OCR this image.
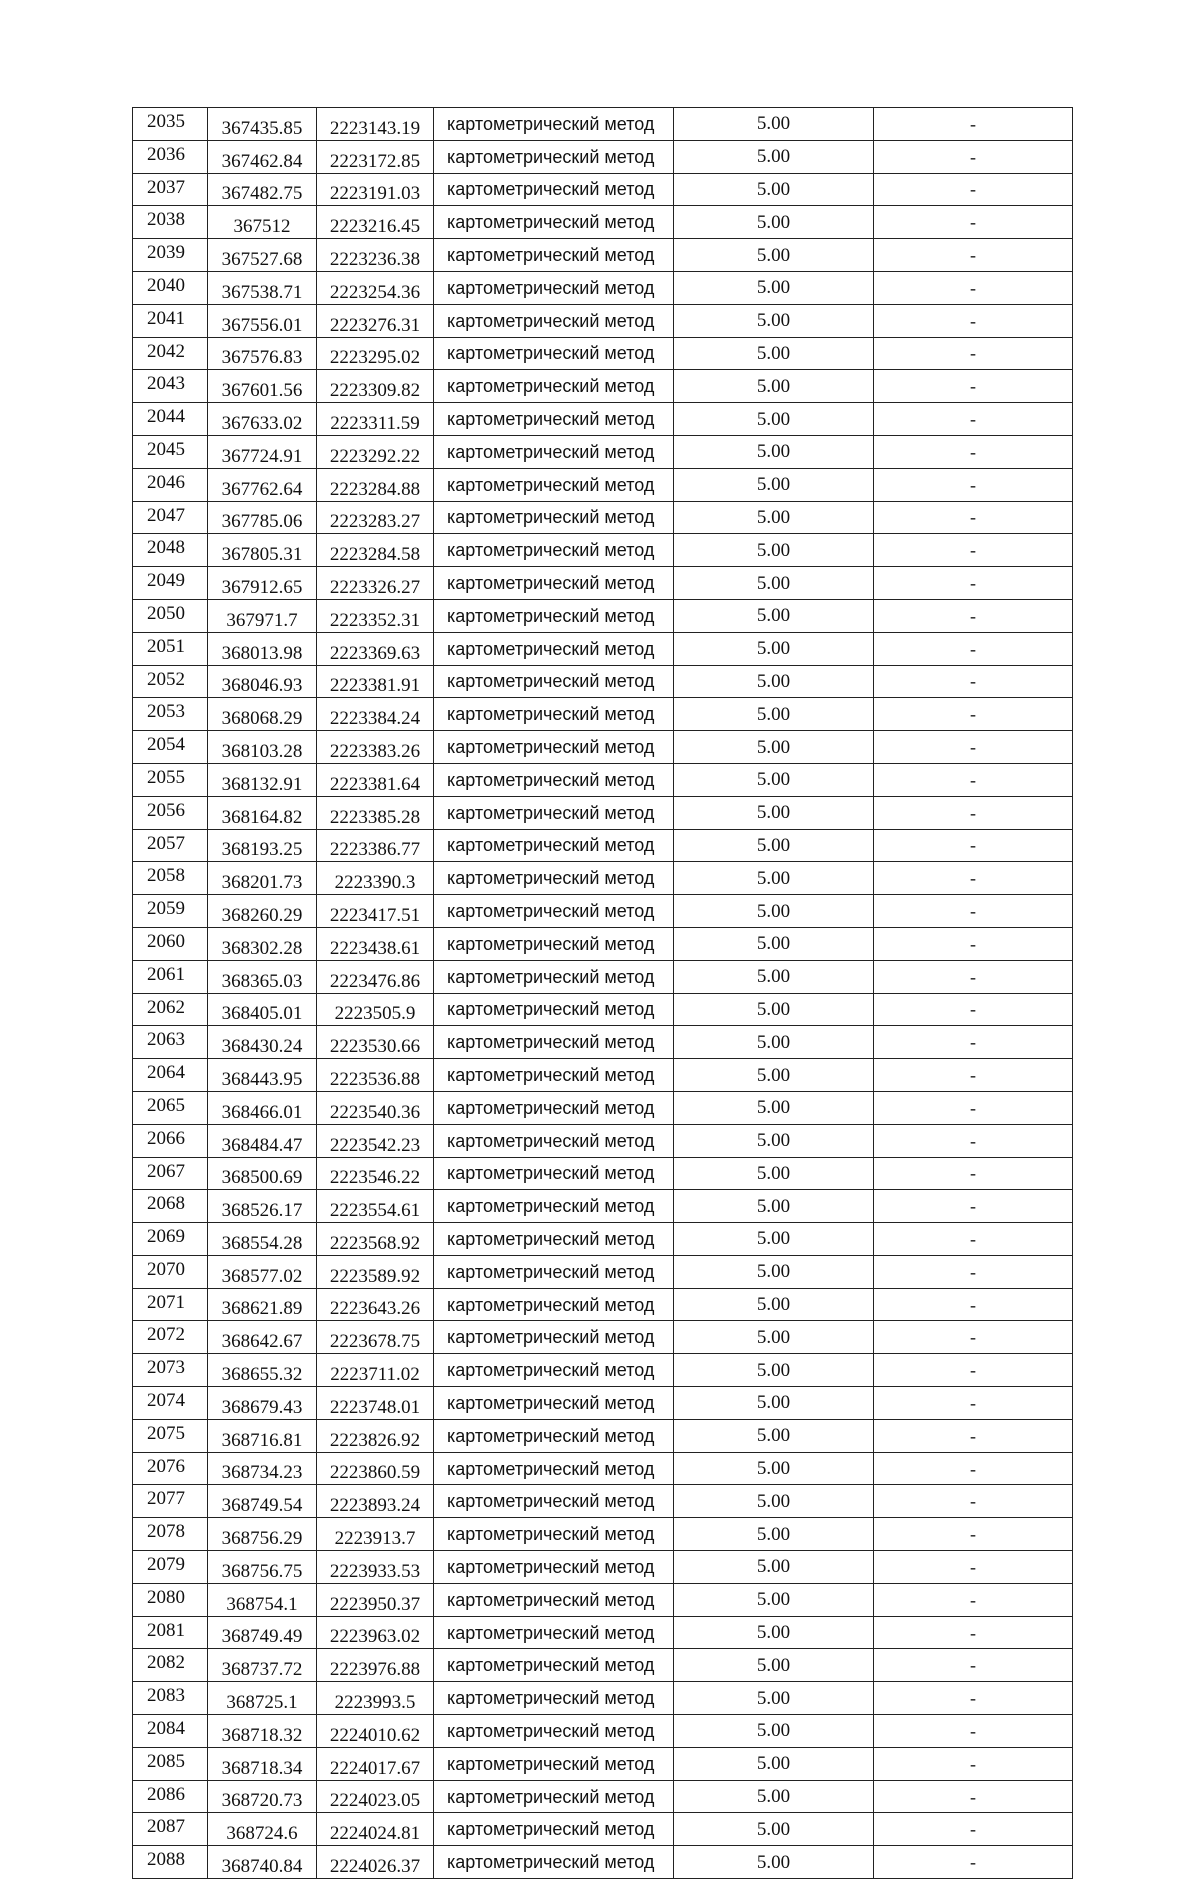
2035	367435.85	2223143.19	картометрический метод	5.00	-
2036	367462.84	2223172.85	картометрический метод	5.00	-
2037	367482.75	2223191.03	картометрический метод	5.00	-
2038	367512	2223216.45	картометрический метод	5.00	-
2039	367527.68	2223236.38	картометрический метод	5.00	-
2040	367538.71	2223254.36	картометрический метод	5.00	-
2041	367556.01	2223276.31	картометрический метод	5.00	-
2042	367576.83	2223295.02	картометрический метод	5.00	-
2043	367601.56	2223309.82	картометрический метод	5.00	-
2044	367633.02	2223311.59	картометрический метод	5.00	-
2045	367724.91	2223292.22	картометрический метод	5.00	-
2046	367762.64	2223284.88	картометрический метод	5.00	-
2047	367785.06	2223283.27	картометрический метод	5.00	-
2048	367805.31	2223284.58	картометрический метод	5.00	-
2049	367912.65	2223326.27	картометрический метод	5.00	-
2050	367971.7	2223352.31	картометрический метод	5.00	-
2051	368013.98	2223369.63	картометрический метод	5.00	-
2052	368046.93	2223381.91	картометрический метод	5.00	-
2053	368068.29	2223384.24	картометрический метод	5.00	-
2054	368103.28	2223383.26	картометрический метод	5.00	-
2055	368132.91	2223381.64	картометрический метод	5.00	-
2056	368164.82	2223385.28	картометрический метод	5.00	-
2057	368193.25	2223386.77	картометрический метод	5.00	-
2058	368201.73	2223390.3	картометрический метод	5.00	-
2059	368260.29	2223417.51	картометрический метод	5.00	-
2060	368302.28	2223438.61	картометрический метод	5.00	-
2061	368365.03	2223476.86	картометрический метод	5.00	-
2062	368405.01	2223505.9	картометрический метод	5.00	-
2063	368430.24	2223530.66	картометрический метод	5.00	-
2064	368443.95	2223536.88	картометрический метод	5.00	-
2065	368466.01	2223540.36	картометрический метод	5.00	-
2066	368484.47	2223542.23	картометрический метод	5.00	-
2067	368500.69	2223546.22	картометрический метод	5.00	-
2068	368526.17	2223554.61	картометрический метод	5.00	-
2069	368554.28	2223568.92	картометрический метод	5.00	-
2070	368577.02	2223589.92	картометрический метод	5.00	-
2071	368621.89	2223643.26	картометрический метод	5.00	-
2072	368642.67	2223678.75	картометрический метод	5.00	-
2073	368655.32	2223711.02	картометрический метод	5.00	-
2074	368679.43	2223748.01	картометрический метод	5.00	-
2075	368716.81	2223826.92	картометрический метод	5.00	-
2076	368734.23	2223860.59	картометрический метод	5.00	-
2077	368749.54	2223893.24	картометрический метод	5.00	-
2078	368756.29	2223913.7	картометрический метод	5.00	-
2079	368756.75	2223933.53	картометрический метод	5.00	-
2080	368754.1	2223950.37	картометрический метод	5.00	-
2081	368749.49	2223963.02	картометрический метод	5.00	-
2082	368737.72	2223976.88	картометрический метод	5.00	-
2083	368725.1	2223993.5	картометрический метод	5.00	-
2084	368718.32	2224010.62	картометрический метод	5.00	-
2085	368718.34	2224017.67	картометрический метод	5.00	-
2086	368720.73	2224023.05	картометрический метод	5.00	-
2087	368724.6	2224024.81	картометрический метод	5.00	-
2088	368740.84	2224026.37	картометрический метод	5.00	-
